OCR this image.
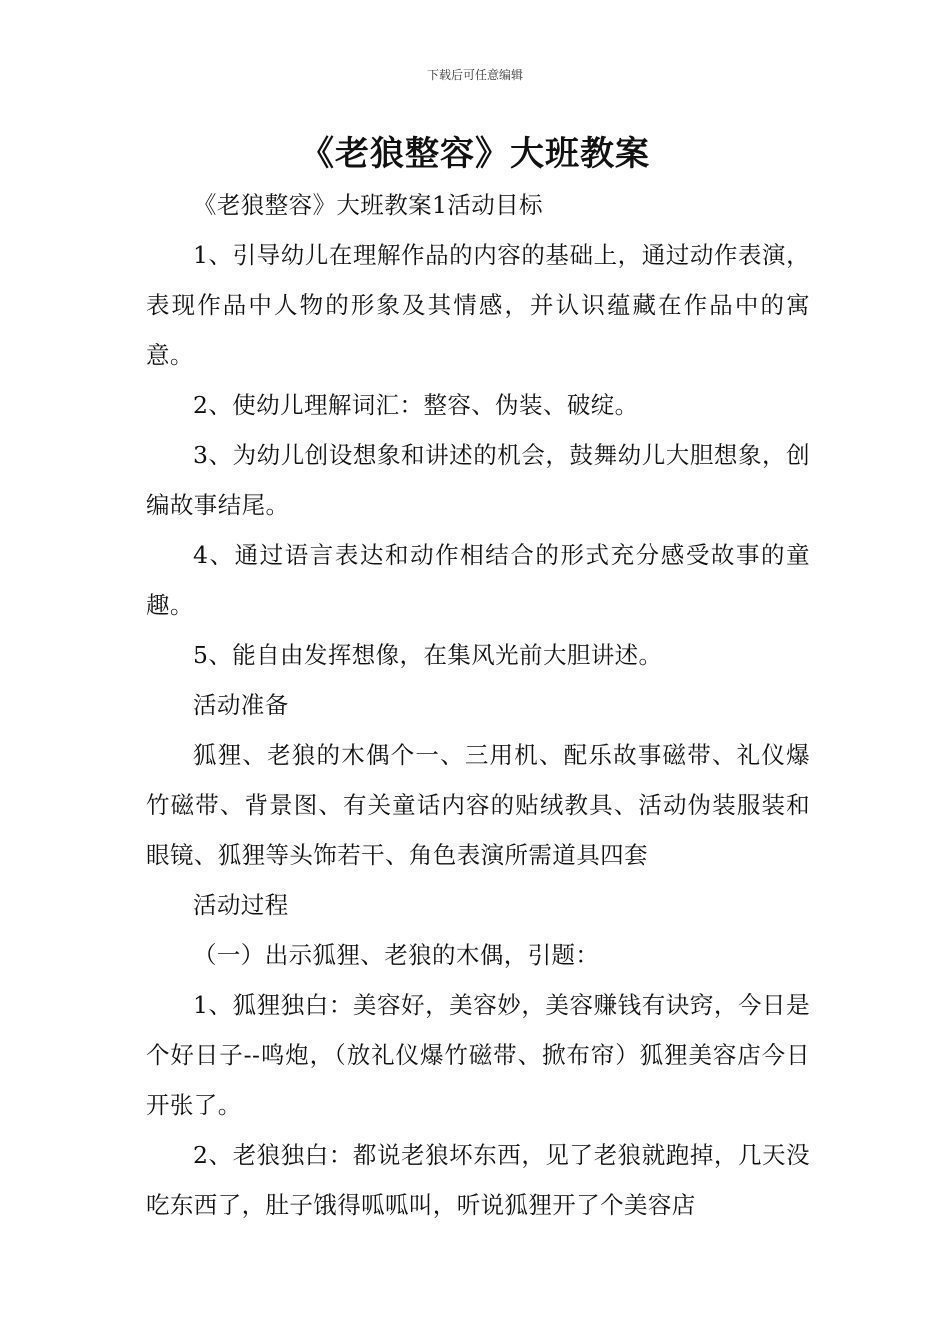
下载后可任意编辑
《老狼整容》大班教案

《老狼整容》大班教案1活动目标

1、引导幼儿在理解作品的内容的基础上，通过动作表演，表现作品中人物的形象及其情感，并认识蕴藏在作品中的寓意。

2、使幼儿理解词汇：整容、伪装、破绽。

3、为幼儿创设想象和讲述的机会，鼓舞幼儿大胆想象，创编故事结尾。

4、通过语言表达和动作相结合的形式充分感受故事的童趣。

5、能自由发挥想像，在集风光前大胆讲述。

活动准备

狐狸、老狼的木偶个一、三用机、配乐故事磁带、礼仪爆竹磁带、背景图、有关童话内容的贴绒教具、活动伪装服装和眼镜、狐狸等头饰若干、角色表演所需道具四套

活动过程

（一）出示狐狸、老狼的木偶，引题：

1、狐狸独白：美容好，美容妙，美容赚钱有诀窍，今日是个好日子--鸣炮，（放礼仪爆竹磁带、掀布帘）狐狸美容店今日开张了。

2、老狼独白：都说老狼坏东西，见了老狼就跑掉，几天没吃东西了，肚子饿得呱呱叫，听说狐狸开了个美容店
